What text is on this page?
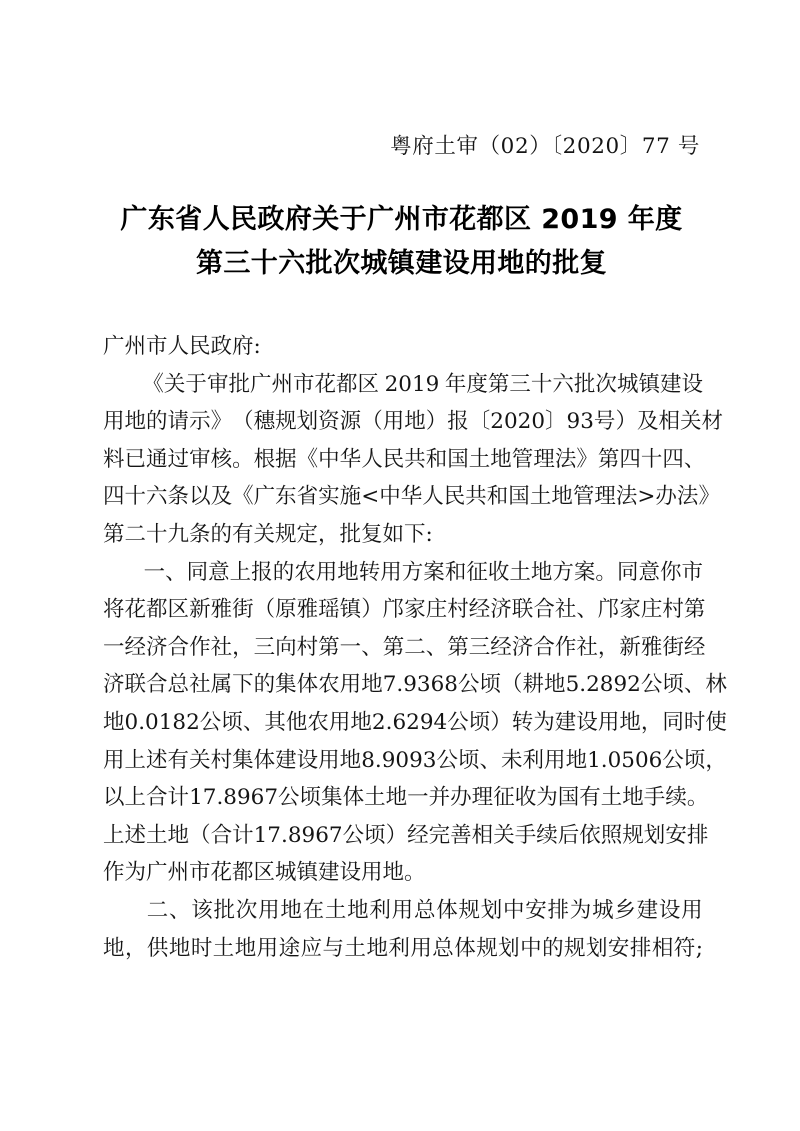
粤府土审（02）〔2020〕77 号
广东省人民政府关于广州市花都区 2019 年度
第三十六批次城镇建设用地的批复
广州市人民政府:
《 关 于 审 批 广 州 市 花 都 区 2 0 1 9 年 度 第 三 十 六 批 次 城 镇 建 设
用 地 的 请 示 》 （ 穗 规 划 资 源 （ 用 地 ） 报 〔 2 0 2 0 〕 9 3 号 ） 及 相 关 材
料 已 通 过 审 核 。 根 据 《 中 华 人 民 共 和 国 土 地 管 理 法 》 第 四 十 四 、
四 十 六 条 以 及 《 广 东 省 实 施 < 中 华 人 民 共 和 国 土 地 管 理 法 > 办 法 》
第二十九条的有关规定，批复如下:
一 、 同 意 上 报 的 农 用 地 转 用 方 案 和 征 收 土 地 方 案 。 同 意 你 市
将 花 都 区 新 雅 街 （ 原 雅 瑶 镇 ） 邝 家 庄 村 经 济 联 合 社 、 邝 家 庄 村 第
一 经 济 合 作 社 ， 三 向 村 第 一 、 第 二 、 第 三 经 济 合 作 社 ， 新 雅 街 经
济 联 合 总 社 属 下 的 集 体 农 用 地 7 . 9 3 6 8 公 顷 （ 耕 地 5 . 2 8 9 2 公 顷 、 林
地 0 . 0 1 8 2 公 顷 、 其 他 农 用 地 2 . 6 2 9 4 公 顷 ） 转 为 建 设 用 地 ， 同 时 使
用 上 述 有 关 村 集 体 建 设 用 地 8 . 9 0 9 3 公 顷 、 未 利 用 地 1 . 0 5 0 6 公 顷 ，
以 上 合 计 1 7 . 8 9 6 7 公 顷 集 体 土 地 一 并 办 理 征 收 为 国 有 土 地 手 续 。
上 述 土 地 （ 合 计 1 7 . 8 9 6 7 公 顷 ） 经 完 善 相 关 手 续 后 依 照 规 划 安 排
作为广州市花都区城镇建设用地。
二 、 该 批 次 用 地 在 土 地 利 用 总 体 规 划 中 安 排 为 城 乡 建 设 用
地 ， 供 地 时 土 地 用 途 应 与 土 地 利 用 总 体 规 划 中 的 规 划 安 排 相 符 ;
